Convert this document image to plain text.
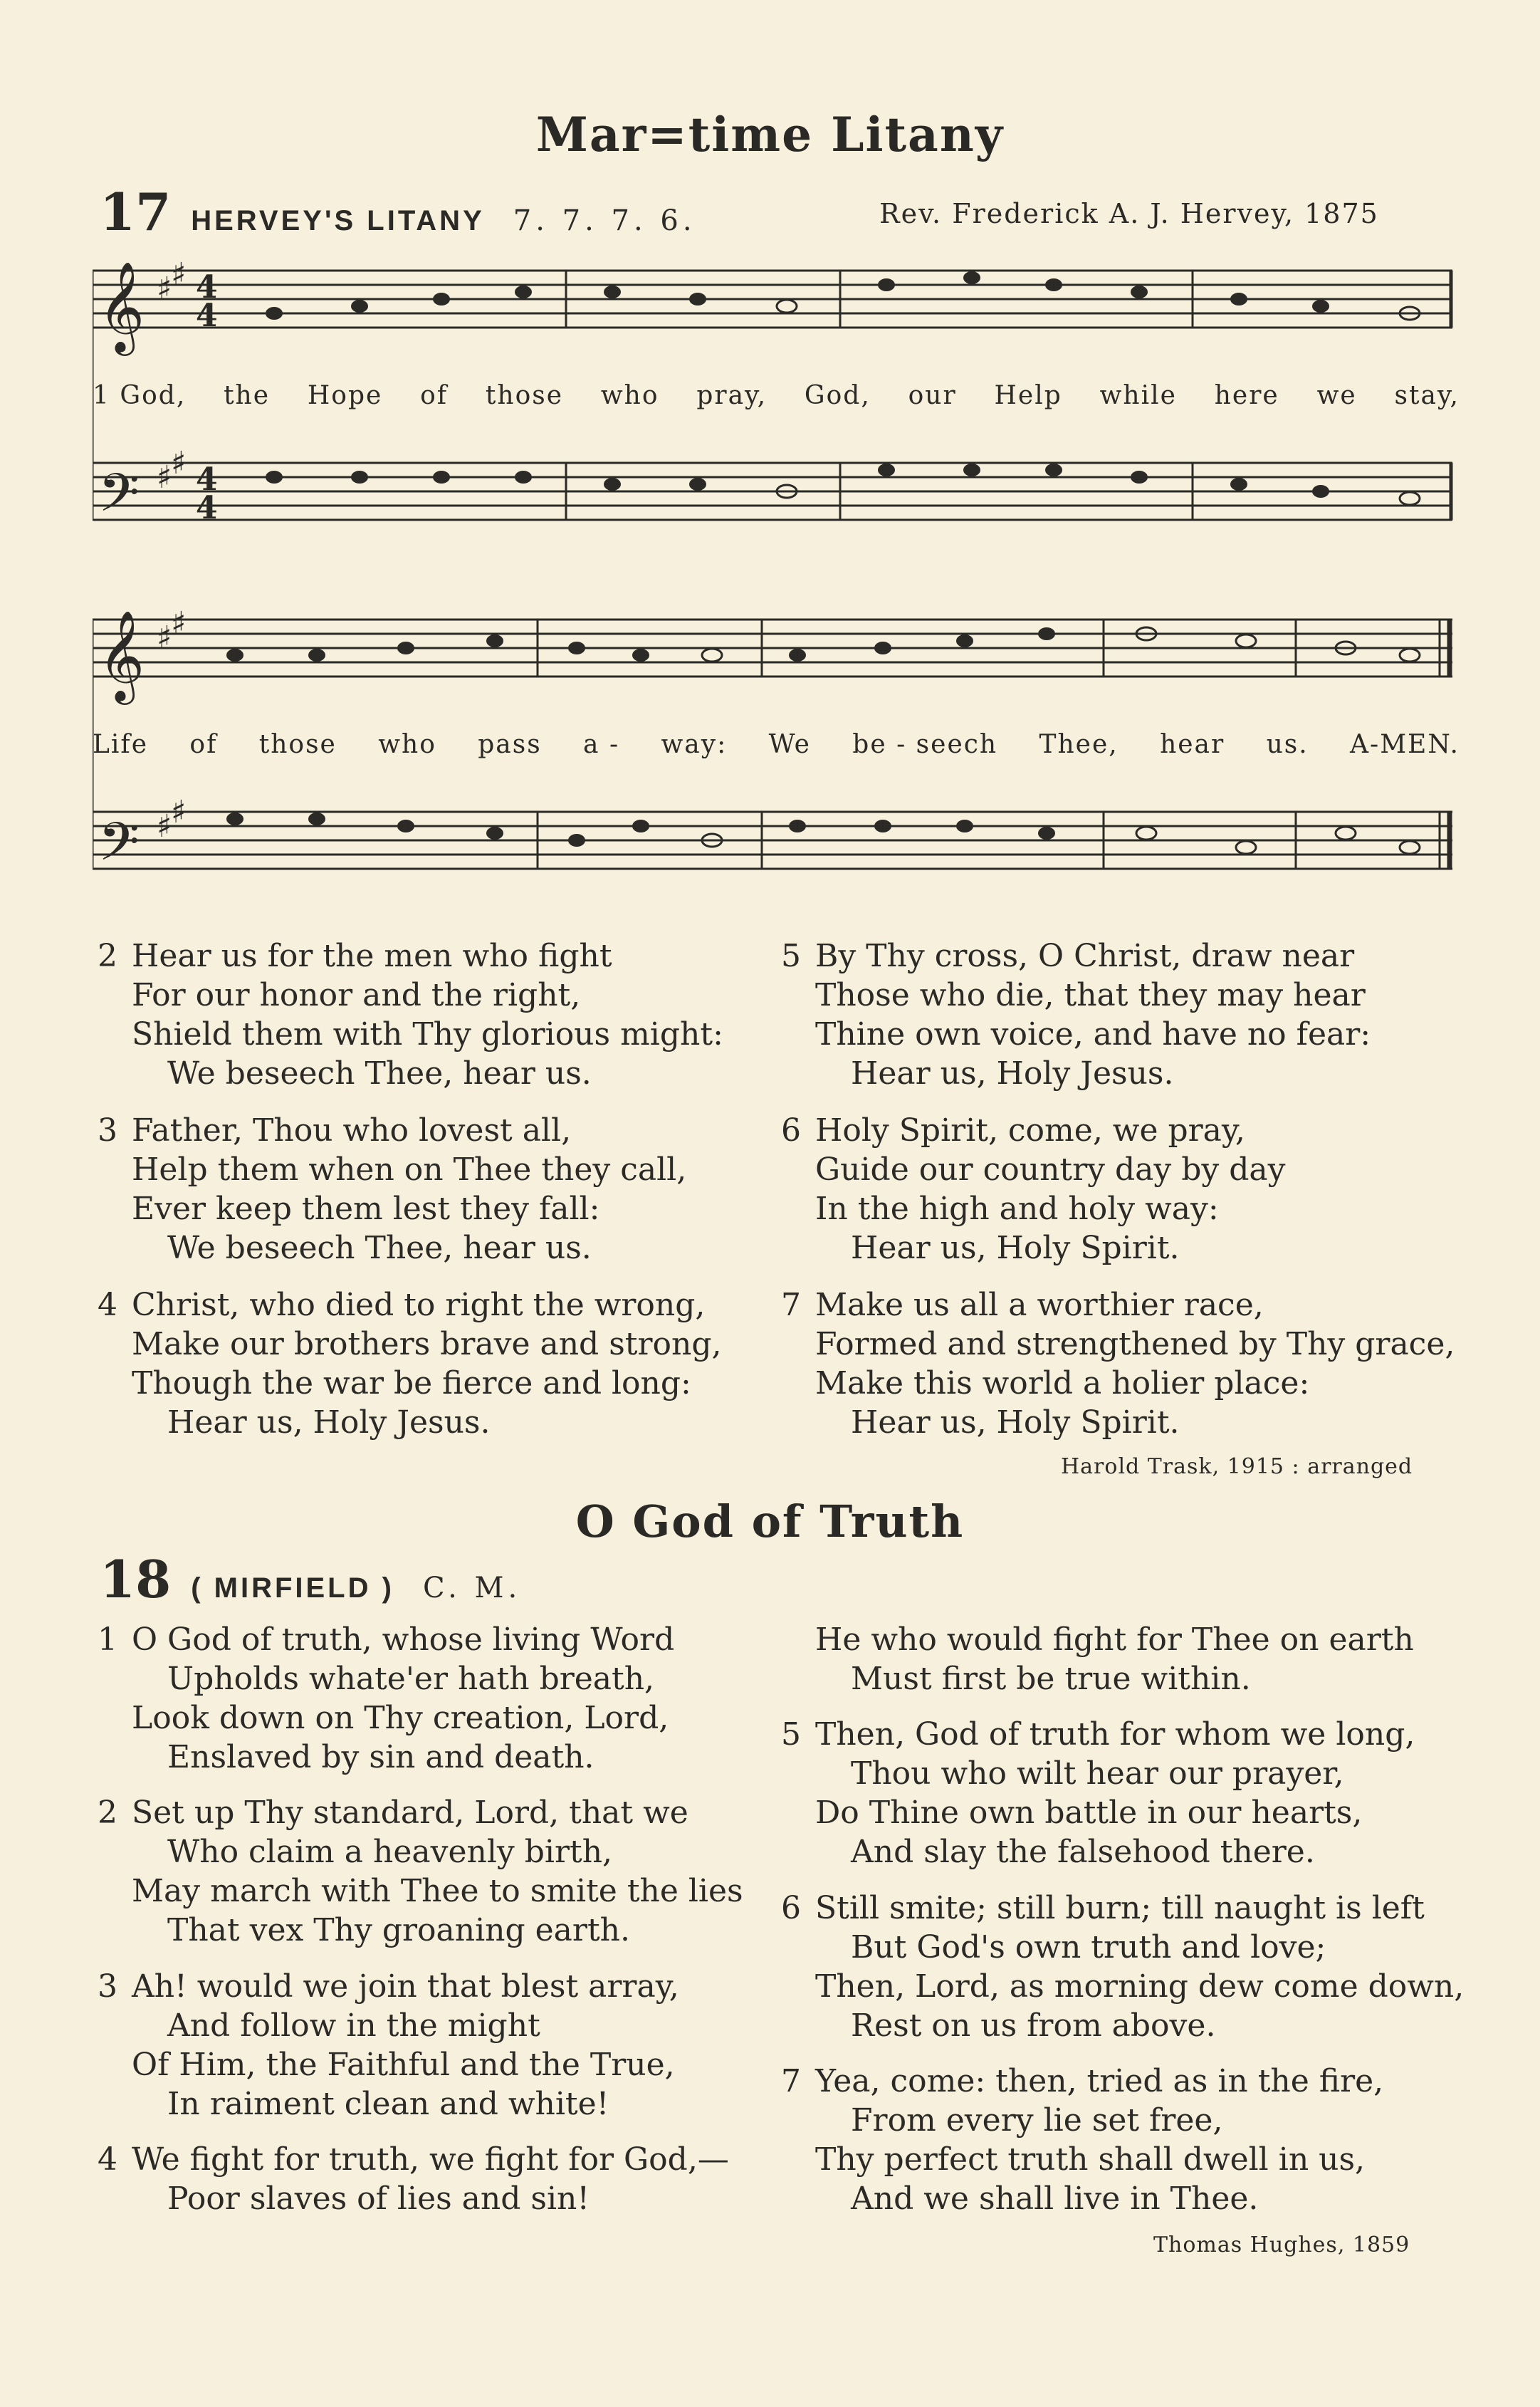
Mar=time Litany
17 HERVEY'S LITANY 7. 7. 7. 6.	Rev. Frederick A. J. Hervey, 1875
𝄞
𝄢
♯
♯
♯
♯
4
4
4
4
1 God, the Hope of those who pray, God, our Help while here we stay,
𝄞
𝄢
♯
♯
♯
♯
Life of those who pass a - way: We be - seech Thee, hear us. A-MEN.
2 Hear us for the men who fight
For our honor and the right,
Shield them with Thy glorious might:
We beseech Thee, hear us.
3 Father, Thou who lovest all,
Help them when on Thee they call,
Ever keep them lest they fall:
We beseech Thee, hear us.
4 Christ, who died to right the wrong,
Make our brothers brave and strong,
Though the war be fierce and long:
Hear us, Holy Jesus.
5 By Thy cross, O Christ, draw near
Those who die, that they may hear
Thine own voice, and have no fear:
Hear us, Holy Jesus.
6 Holy Spirit, come, we pray,
Guide our country day by day
In the high and holy way:
Hear us, Holy Spirit.
7 Make us all a worthier race,
Formed and strengthened by Thy grace,
Make this world a holier place:
Hear us, Holy Spirit.
Harold Trask, 1915 : arranged
O God of Truth
18 ( MIRFIELD ) C. M.
1 O God of truth, whose living Word
Upholds whate'er hath breath,
Look down on Thy creation, Lord,
Enslaved by sin and death.
2 Set up Thy standard, Lord, that we
Who claim a heavenly birth,
May march with Thee to smite the lies
That vex Thy groaning earth.
3 Ah! would we join that blest array,
And follow in the might
Of Him, the Faithful and the True,
In raiment clean and white!
4 We fight for truth, we fight for God,—
Poor slaves of lies and sin!
He who would fight for Thee on earth
Must first be true within.
5 Then, God of truth for whom we long,
Thou who wilt hear our prayer,
Do Thine own battle in our hearts,
And slay the falsehood there.
6 Still smite; still burn; till naught is left
But God's own truth and love;
Then, Lord, as morning dew come down,
Rest on us from above.
7 Yea, come: then, tried as in the fire,
From every lie set free,
Thy perfect truth shall dwell in us,
And we shall live in Thee.
Thomas Hughes, 1859
